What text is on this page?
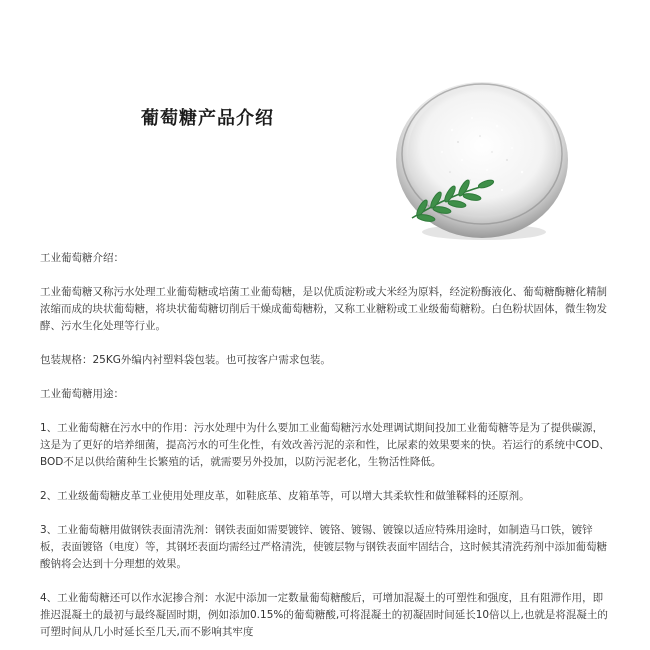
葡萄糖产品介绍

工业葡萄糖介绍：

工业葡萄糖又称污水处理工业葡萄糖或培菌工业葡萄糖，是以优质淀粉或大米经为原料，经淀粉酶液化、葡萄糖酶糖化精制浓缩而成的块状葡萄糖，将块状葡萄糖切削后干燥成葡萄糖粉，又称工业糖粉或工业级葡萄糖粉。白色粉状固体，微生物发酵、污水生化处理等行业。

包装规格：25KG外编内衬塑料袋包装。也可按客户需求包装。

工业葡萄糖用途：

1、工业葡萄糖在污水中的作用：污水处理中为什么要加工业葡萄糖污水处理调试期间投加工业葡萄糖等是为了提供碳源，这是为了更好的培养细菌，提高污水的可生化性，有效改善污泥的亲和性，比尿素的效果要来的快。若运行的系统中COD、BOD不足以供给菌种生长繁殖的话，就需要另外投加，以防污泥老化，生物活性降低。

2、工业级葡萄糖皮革工业使用处理皮革，如鞋底革、皮箱革等，可以增大其柔软性和做雏鞣料的还原剂。

3、工业葡萄糖用做钢铁表面清洗剂：钢铁表面如需要镀锌、镀铬、镀锡、镀镍以适应特殊用途时，如制造马口铁，镀锌板，表面镀铬（电度）等，其钢坯表面均需经过严格清洗，使镀层物与钢铁表面牢固结合，这时候其清洗药剂中添加葡萄糖酸钠将会达到十分理想的效果。

4、工业葡萄糖还可以作水泥掺合剂：水泥中添加一定数量葡萄糖酸后，可增加混凝土的可塑性和强度，且有阻滞作用，即推迟混凝土的最初与最终凝固时期，例如添加0.15%的葡萄糖酸,可将混凝土的初凝固时间延长10倍以上,也就是将混凝土的可塑时间从几小时延长至几天,而不影响其牢度
